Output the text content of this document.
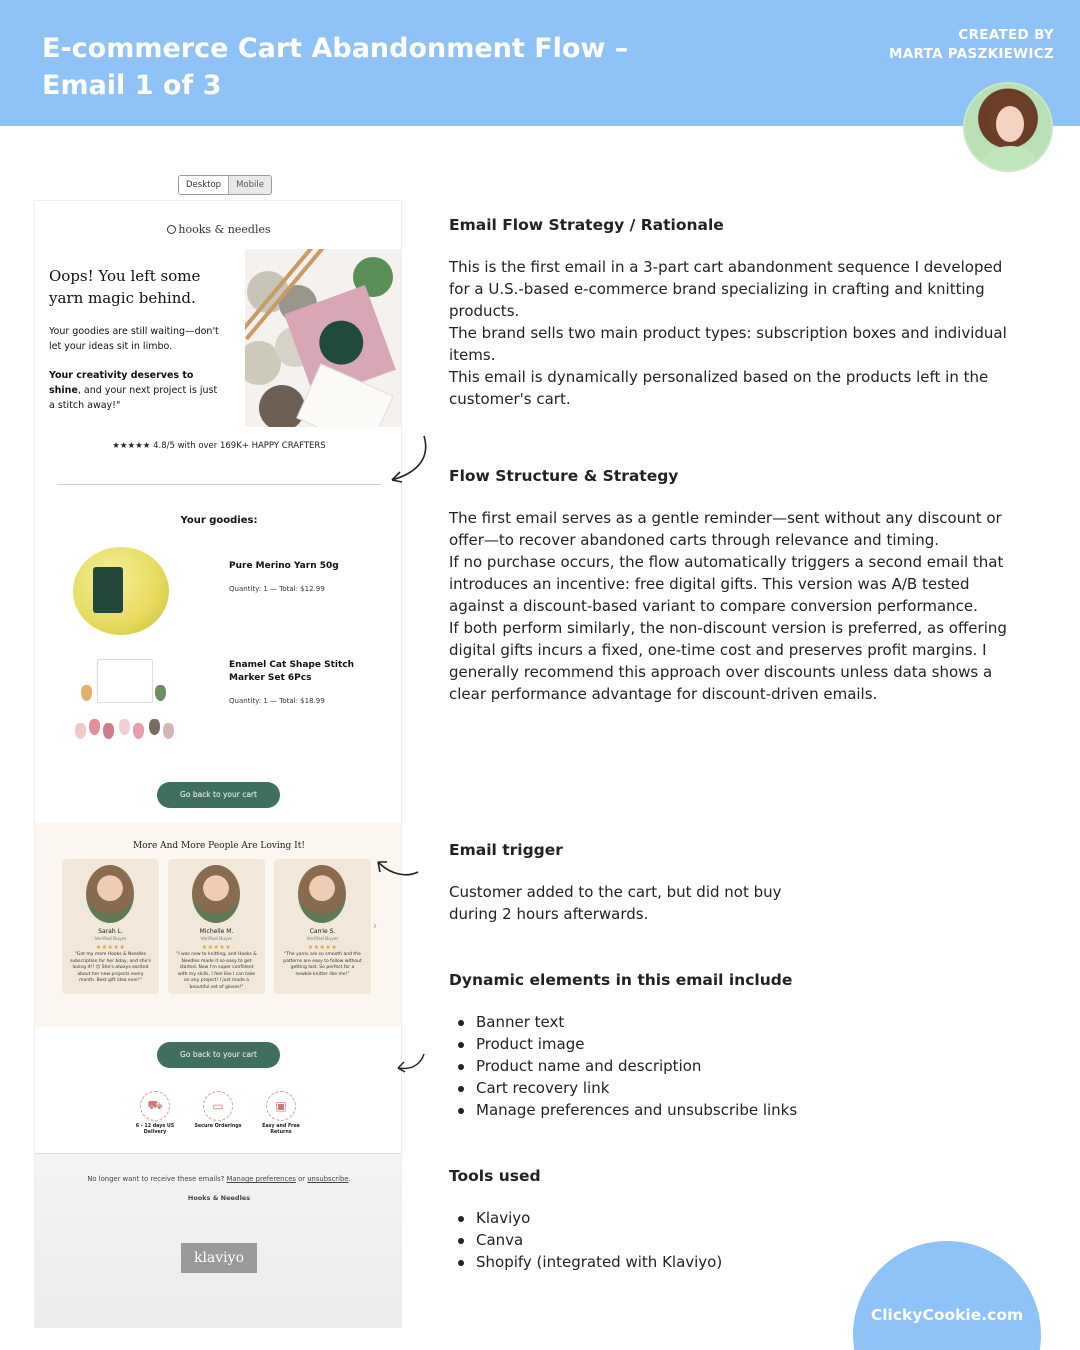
E-commerce Cart Abandonment Flow – Email 1 of 3
CREATED BY
MARTA PASZKIEWICZ
Desktop	Mobile
hooks & needles
Oops! You left some yarn magic behind.
Your goodies are still waiting—don't let your ideas sit in limbo.
Your creativity deserves to shine, and your next project is just a stitch away!"
★★★★★ 4.8/5 with over 169K+ HAPPY CRAFTERS
Your goodies:
Pure Merino Yarn 50g
Quantity: 1 — Total: $12.99
Enamel Cat Shape Stitch Marker Set 6Pcs
Quantity: 1 — Total: $18.99
Go back to your cart
More And More People Are Loving It!
Sarah L.
Verified Buyer
★★★★★
"Got my mom Hooks & Needles subscription for her bday, and she's loving it!! 😊 She's always excited about her new projects every month. Best gift idea ever!"
Michelle M.
Verified Buyer
★★★★★
"I was new to knitting, and Hooks & Needles made it so easy to get started. Now I'm super confident with my skills, I feel like I can take on any project! I just made a beautiful set of gloves!"
Carrie S.
Verified Buyer
★★★★★
"The yarns are so smooth and the patterns are easy to follow without getting lost. So perfect for a newbie knitter like me!"
›
Go back to your cart
⛟
6 - 12 days US Delivery
▭
Secure Orderings
▣
Easy and Free Returns
No longer want to receive these emails? Manage preferences or unsubscribe.
Hooks & Needles
klaviyo
Email Flow Strategy / Rationale

This is the first email in a 3-part cart abandonment sequence I developed for a U.S.-based e-commerce brand specializing in crafting and knitting products.

The brand sells two main product types: subscription boxes and individual items.

This email is dynamically personalized based on the products left in the customer's cart.

Flow Structure & Strategy

The first email serves as a gentle reminder—sent without any discount or offer—to recover abandoned carts through relevance and timing.

If no purchase occurs, the flow automatically triggers a second email that introduces an incentive: free digital gifts. This version was A/B tested against a discount-based variant to compare conversion performance.

If both perform similarly, the non-discount version is preferred, as offering digital gifts incurs a fixed, one-time cost and preserves profit margins. I generally recommend this approach over discounts unless data shows a clear performance advantage for discount-driven emails.

Email trigger

Customer added to the cart, but did not buy

during 2 hours afterwards.

Dynamic elements in this email include
Banner text
Product image
Product name and description
Cart recovery link
Manage preferences and unsubscribe links
Tools used
Klaviyo
Canva
Shopify (integrated with Klaviyo)
ClickyCookie.com
